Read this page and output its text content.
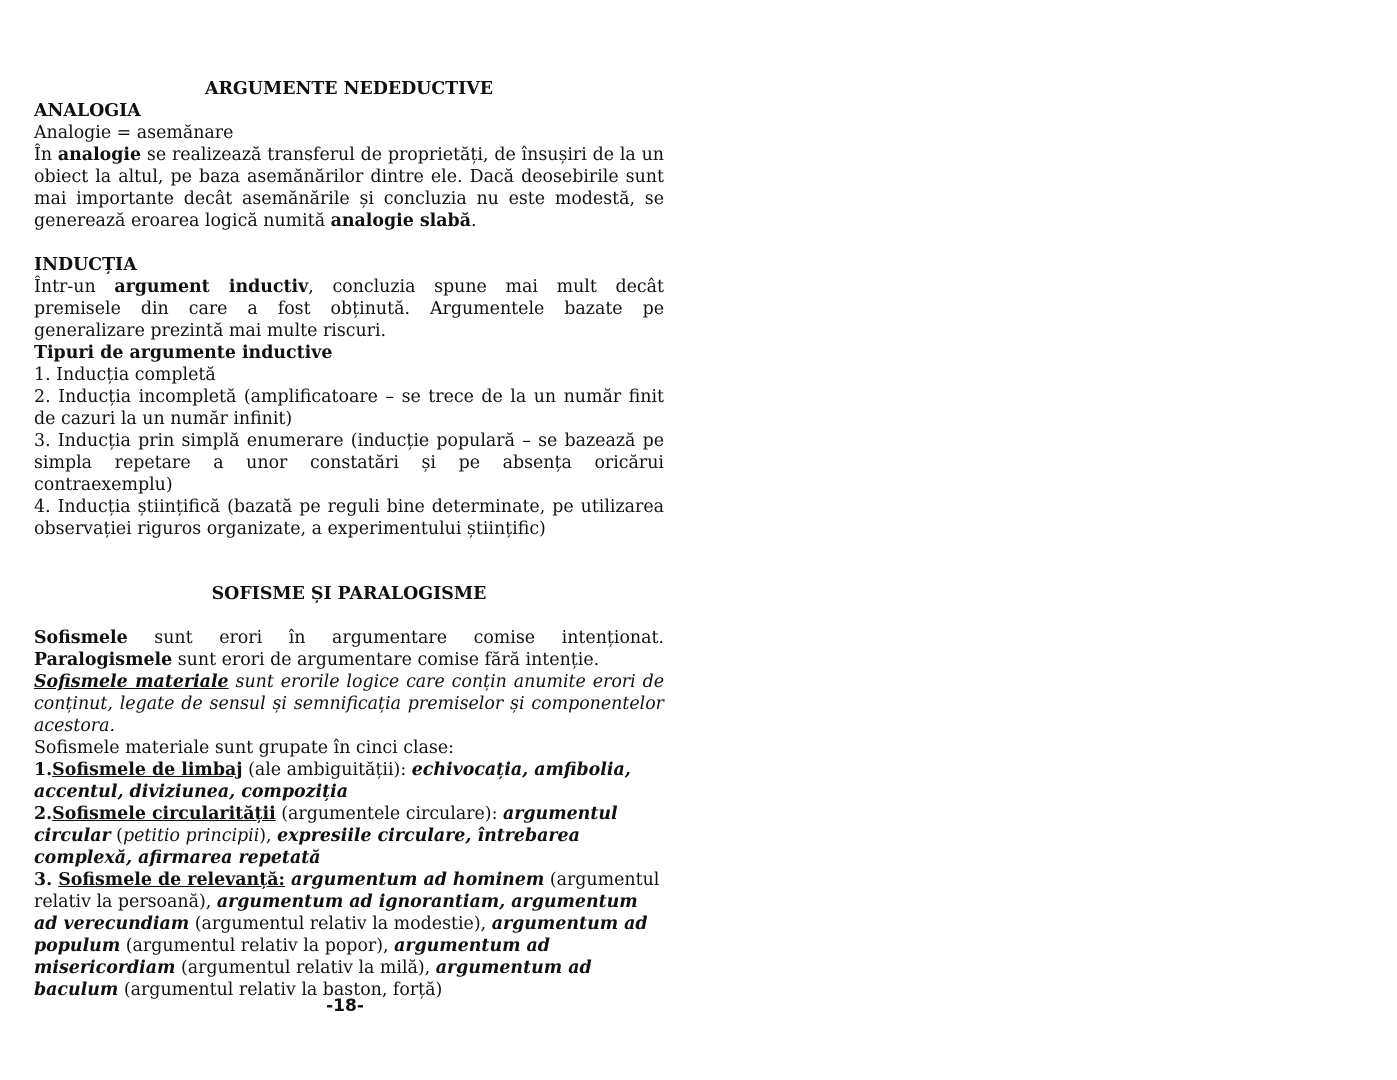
ARGUMENTE NEDEDUCTIVE
ANALOGIA
Analogie = asemănare
În analogie se realizează transferul de proprietăți, de însușiri de la un obiect la altul, pe baza asemănărilor dintre ele. Dacă deosebirile sunt mai importante decât asemănările și concluzia nu este modestă, se generează eroarea logică numită analogie slabă.
INDUCȚIA
Într-un argument inductiv, concluzia spune mai mult decât premisele din care a fost obținută. Argumentele bazate pe generalizare prezintă mai multe riscuri.
Tipuri de argumente inductive
1. Inducția completă
2. Inducția incompletă (amplificatoare – se trece de la un număr finit de cazuri la un număr infinit)
3. Inducția prin simplă enumerare (inducție populară – se bazează pe simpla repetare a unor constatări și pe absența oricărui contraexemplu)
4. Inducția științifică (bazată pe reguli bine determinate, pe utilizarea observației riguros organizate, a experimentului științific)
SOFISME ȘI PARALOGISME
Sofismele sunt erori în argumentare comise intenționat. Paralogismele sunt erori de argumentare comise fără intenție.
Sofismele materiale sunt erorile logice care conțin anumite erori de conținut, legate de sensul și semnificația premiselor și componentelor acestora.
Sofismele materiale sunt grupate în cinci clase:
1.Sofismele de limbaj (ale ambiguității): echivocația, amfibolia, accentul, diviziunea, compoziția
2.Sofismele circularității (argumentele circulare): argumentul circular (petitio principii), expresiile circulare, întrebarea complexă, afirmarea repetată
3. Sofismele de relevanță: argumentum ad hominem (argumentul relativ la persoană), argumentum ad ignorantiam, argumentum ad verecundiam (argumentul relativ la modestie), argumentum ad populum (argumentul relativ la popor), argumentum ad misericordiam (argumentul relativ la milă), argumentum ad baculum (argumentul relativ la baston, forță)
-18-
